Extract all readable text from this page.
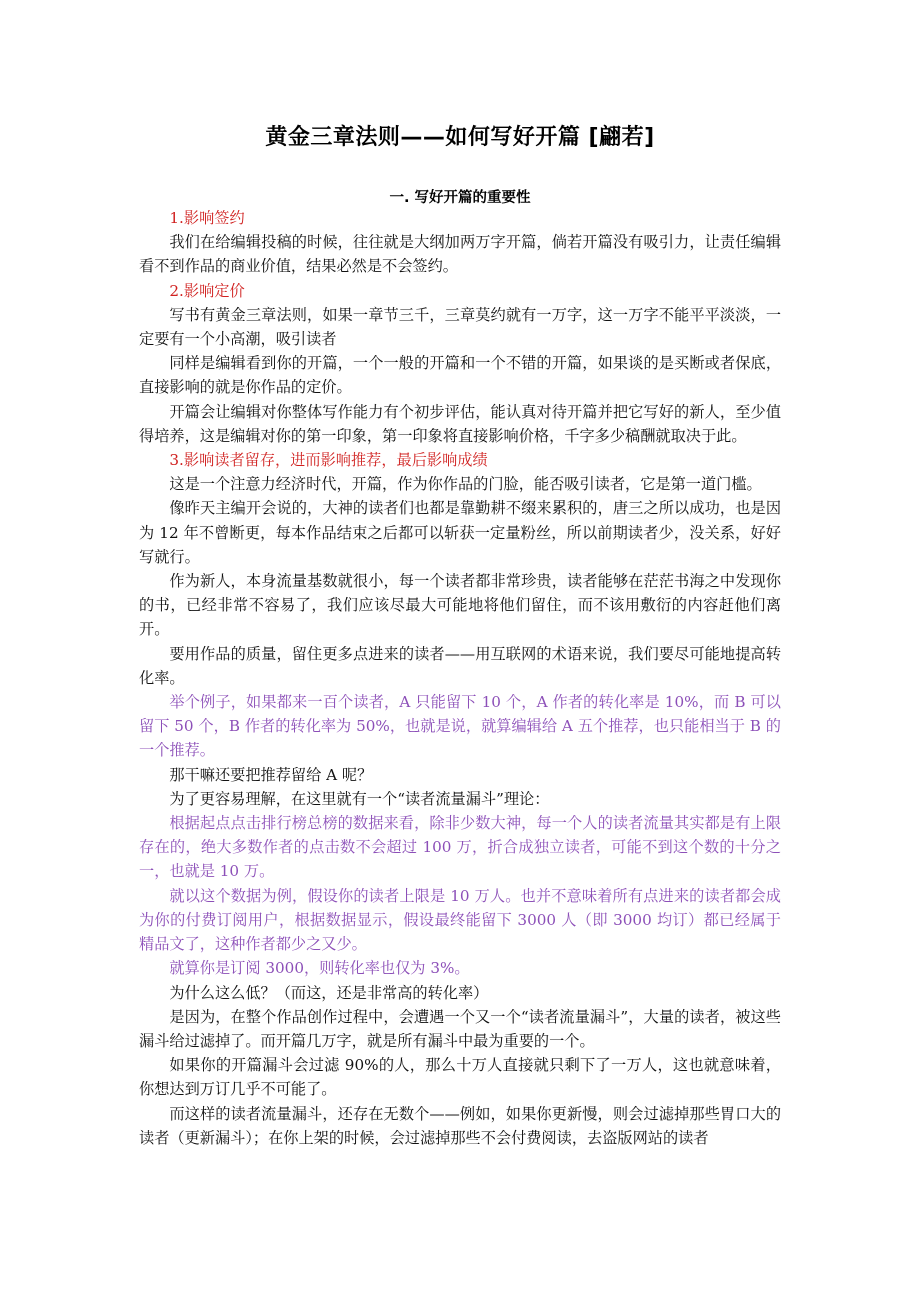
黄金三章法则——如何写好开篇 [翩若]
一. 写好开篇的重要性

1.影响签约

我们在给编辑投稿的时候，往往就是大纲加两万字开篇，倘若开篇没有吸引力，让责任编辑看不到作品的商业价值，结果必然是不会签约。

2.影响定价

写书有黄金三章法则，如果一章节三千，三章莫约就有一万字，这一万字不能平平淡淡，一定要有一个小高潮，吸引读者

同样是编辑看到你的开篇，一个一般的开篇和一个不错的开篇，如果谈的是买断或者保底，直接影响的就是你作品的定价。

开篇会让编辑对你整体写作能力有个初步评估，能认真对待开篇并把它写好的新人，至少值得培养，这是编辑对你的第一印象，第一印象将直接影响价格，千字多少稿酬就取决于此。

3.影响读者留存，进而影响推荐，最后影响成绩

这是一个注意力经济时代，开篇，作为你作品的门脸，能否吸引读者，它是第一道门槛。

像昨天主编开会说的，大神的读者们也都是靠勤耕不缀来累积的，唐三之所以成功，也是因为 12 年不曾断更，每本作品结束之后都可以斩获一定量粉丝，所以前期读者少，没关系，好好写就行。

作为新人，本身流量基数就很小，每一个读者都非常珍贵，读者能够在茫茫书海之中发现你的书，已经非常不容易了，我们应该尽最大可能地将他们留住，而不该用敷衍的内容赶他们离开。

要用作品的质量，留住更多点进来的读者——用互联网的术语来说，我们要尽可能地提高转化率。

举个例子，如果都来一百个读者，A 只能留下 10 个，A 作者的转化率是 10%，而 B 可以留下 50 个，B 作者的转化率为 50%，也就是说，就算编辑给 A 五个推荐，也只能相当于 B 的一个推荐。

那干嘛还要把推荐留给 A 呢？

为了更容易理解，在这里就有一个“读者流量漏斗”理论：

根据起点点击排行榜总榜的数据来看，除非少数大神，每一个人的读者流量其实都是有上限存在的，绝大多数作者的点击数不会超过 100 万，折合成独立读者，可能不到这个数的十分之一，也就是 10 万。

就以这个数据为例，假设你的读者上限是 10 万人。也并不意味着所有点进来的读者都会成为你的付费订阅用户，根据数据显示，假设最终能留下 3000 人（即 3000 均订）都已经属于精品文了，这种作者都少之又少。

就算你是订阅 3000，则转化率也仅为 3%。

为什么这么低？（而这，还是非常高的转化率）

是因为，在整个作品创作过程中，会遭遇一个又一个“读者流量漏斗”，大量的读者，被这些漏斗给过滤掉了。而开篇几万字，就是所有漏斗中最为重要的一个。

如果你的开篇漏斗会过滤 90%的人，那么十万人直接就只剩下了一万人，这也就意味着，你想达到万订几乎不可能了。

而这样的读者流量漏斗，还存在无数个——例如，如果你更新慢，则会过滤掉那些胃口大的读者（更新漏斗）；在你上架的时候，会过滤掉那些不会付费阅读，去盗版网站的读者
